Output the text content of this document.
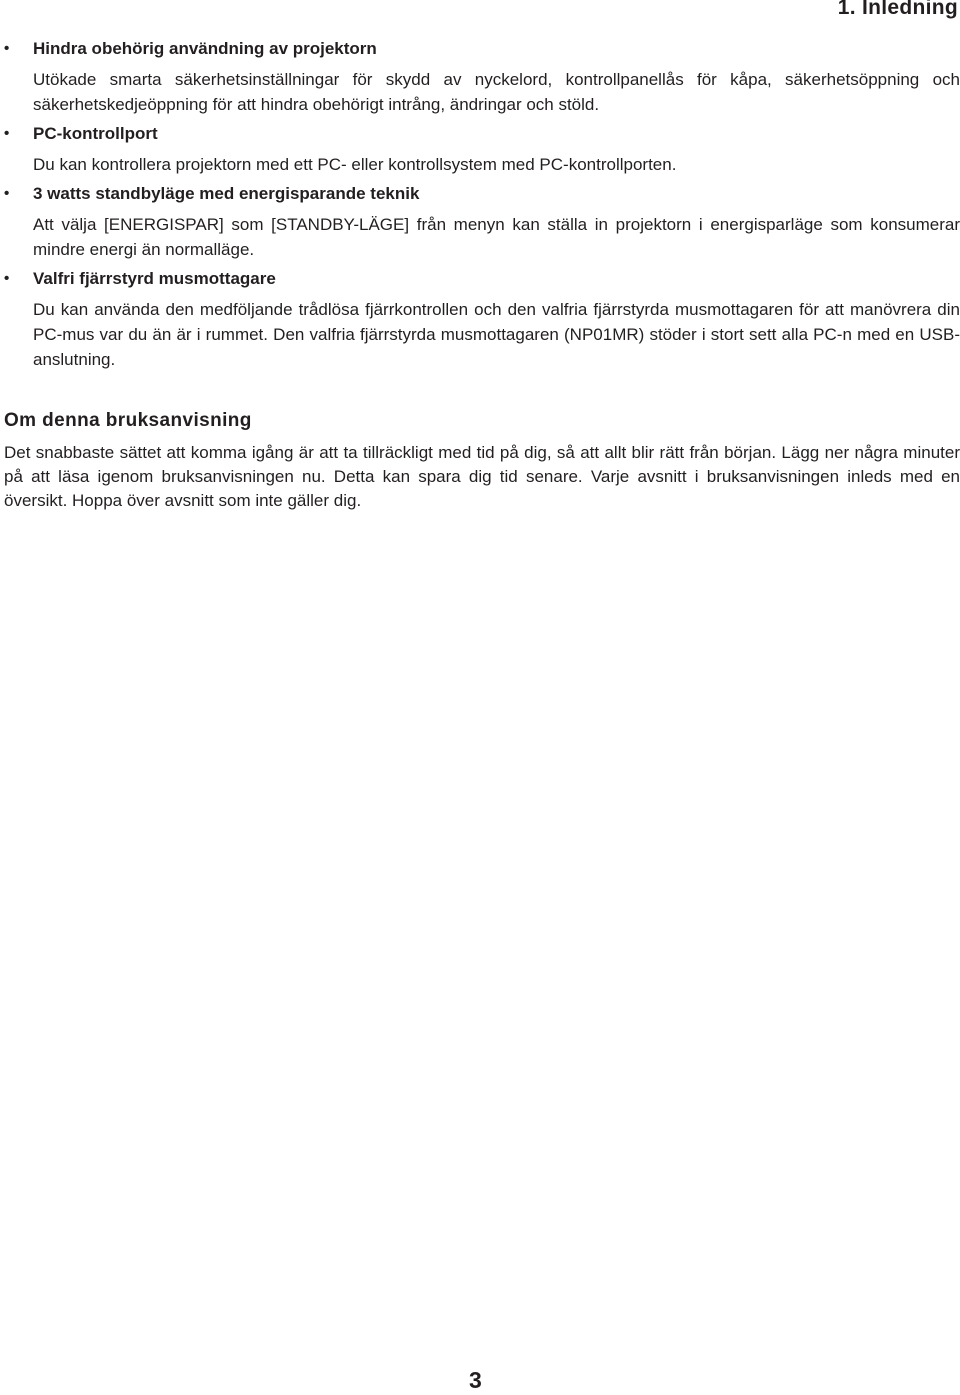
1. Inledning
• Hindra obehörig användning av projektorn

Utökade smarta säkerhetsinställningar för skydd av nyckelord, kontrollpanellås för kåpa, säkerhetsöppning och säkerhetskedjeöppning för att hindra obehörigt intrång, ändringar och stöld.

• PC-kontrollport

Du kan kontrollera projektorn med ett PC- eller kontrollsystem med PC-kontrollporten.

• 3 watts standbyläge med energisparande teknik

Att välja [ENERGISPAR] som [STANDBY-LÄGE] från menyn kan ställa in projektorn i energisparläge som konsumerar mindre energi än normalläge.

• Valfri fjärrstyrd musmottagare

Du kan använda den medföljande trådlösa fjärrkontrollen och den valfria fjärrstyrda musmottagaren för att manövrera din PC-mus var du än är i rummet. Den valfria fjärrstyrda musmottagaren (NP01MR) stöder i stort sett alla PC-n med en USB-anslutning.

Om denna bruksanvisning

Det snabbaste sättet att komma igång är att ta tillräckligt med tid på dig, så att allt blir rätt från början. Lägg ner några minuter på att läsa igenom bruksanvisningen nu. Detta kan spara dig tid senare. Varje avsnitt i bruksanvisningen inleds med en översikt. Hoppa över avsnitt som inte gäller dig.

3
